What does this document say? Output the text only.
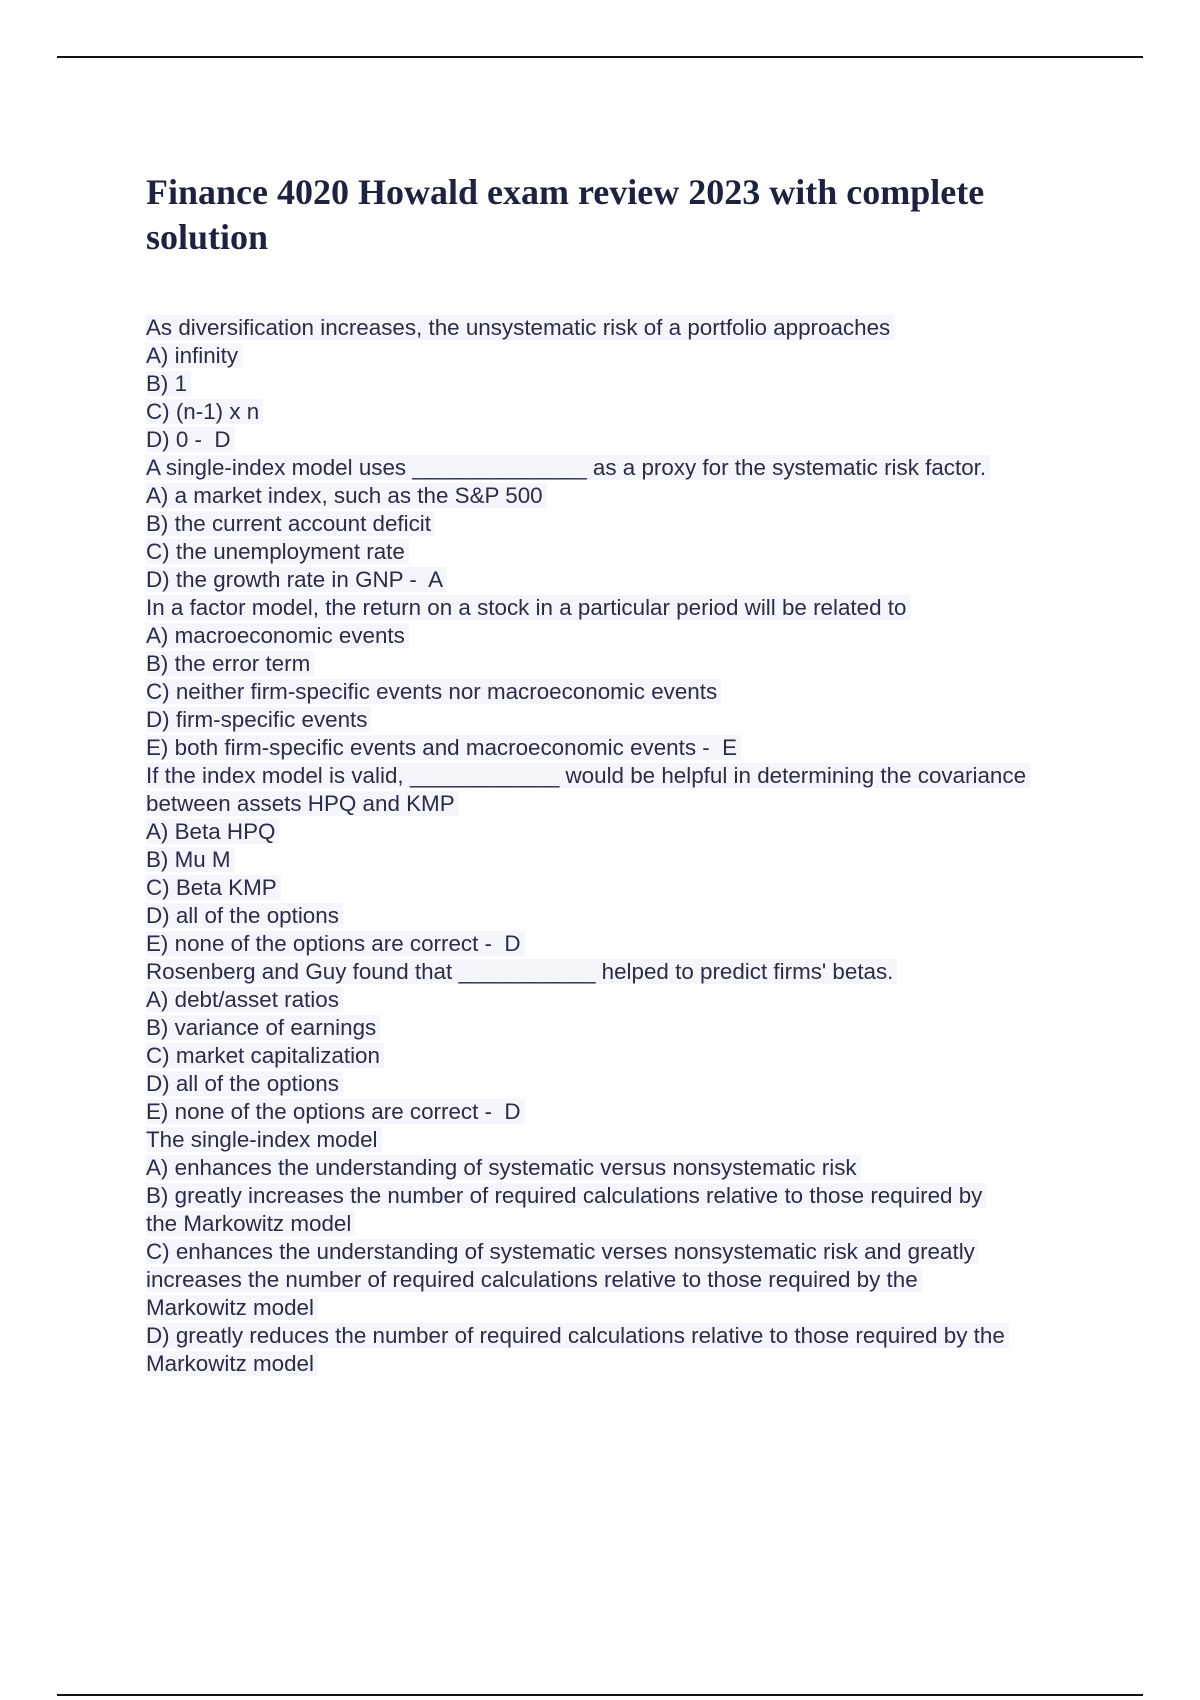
Finance 4020 Howald exam review 2023 with complete solution

As diversification increases, the unsystematic risk of a portfolio approaches

A) infinity

B) 1

C) (n-1) x n

D) 0 -  D

A single-index model uses ______________ as a proxy for the systematic risk factor.

A) a market index, such as the S&P 500

B) the current account deficit

C) the unemployment rate

D) the growth rate in GNP -  A

In a factor model, the return on a stock in a particular period will be related to

A) macroeconomic events

B) the error term

C) neither firm-specific events nor macroeconomic events

D) firm-specific events

E) both firm-specific events and macroeconomic events -  E

If the index model is valid, ____________ would be helpful in determining the covariance

between assets HPQ and KMP

A) Beta HPQ

B) Mu M

C) Beta KMP

D) all of the options

E) none of the options are correct -  D

Rosenberg and Guy found that ___________ helped to predict firms' betas.

A) debt/asset ratios

B) variance of earnings

C) market capitalization

D) all of the options

E) none of the options are correct -  D

The single-index model

A) enhances the understanding of systematic versus nonsystematic risk

B) greatly increases the number of required calculations relative to those required by

the Markowitz model

C) enhances the understanding of systematic verses nonsystematic risk and greatly

increases the number of required calculations relative to those required by the

Markowitz model

D) greatly reduces the number of required calculations relative to those required by the

Markowitz model
